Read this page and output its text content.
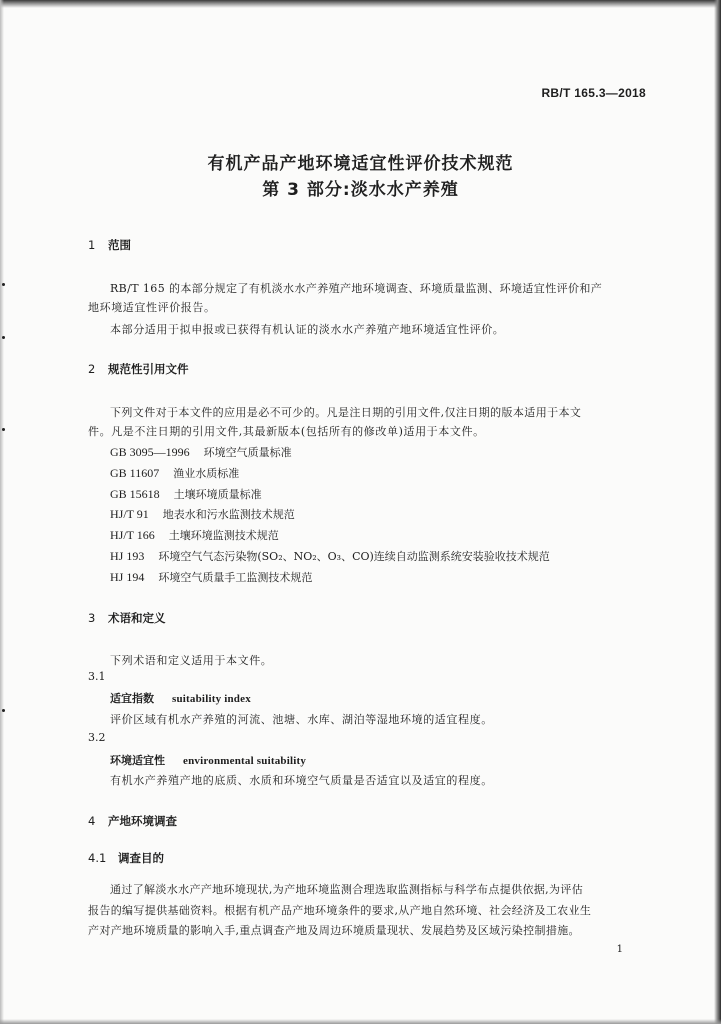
RB/T 165.3—2018
有机产品产地环境适宜性评价技术规范
第 3 部分:淡水水产养殖
1 范围
RB/T 165 的本部分规定了有机淡水水产养殖产地环境调查、环境质量监测、环境适宜性评价和产
地环境适宜性评价报告。
本部分适用于拟申报或已获得有机认证的淡水水产养殖产地环境适宜性评价。
2 规范性引用文件
下列文件对于本文件的应用是必不可少的。凡是注日期的引用文件,仅注日期的版本适用于本文
件。凡是不注日期的引用文件,其最新版本(包括所有的修改单)适用于本文件。
GB 3095—1996 环境空气质量标准
GB 11607 渔业水质标准
GB 15618 土壤环境质量标准
HJ/T 91 地表水和污水监测技术规范
HJ/T 166 土壤环境监测技术规范
HJ 193 环境空气气态污染物(SO₂、NO₂、O₃、CO)连续自动监测系统安装验收技术规范
HJ 194 环境空气质量手工监测技术规范
3 术语和定义
下列术语和定义适用于本文件。
3.1
适宜指数 suitability index
评价区域有机水产养殖的河流、池塘、水库、湖泊等湿地环境的适宜程度。
3.2
环境适宜性 environmental suitability
有机水产养殖产地的底质、水质和环境空气质量是否适宜以及适宜的程度。
4 产地环境调查
4.1 调查目的
通过了解淡水水产产地环境现状,为产地环境监测合理选取监测指标与科学布点提供依据,为评估
报告的编写提供基础资料。根据有机产品产地环境条件的要求,从产地自然环境、社会经济及工农业生
产对产地环境质量的影响入手,重点调查产地及周边环境质量现状、发展趋势及区域污染控制措施。
1
